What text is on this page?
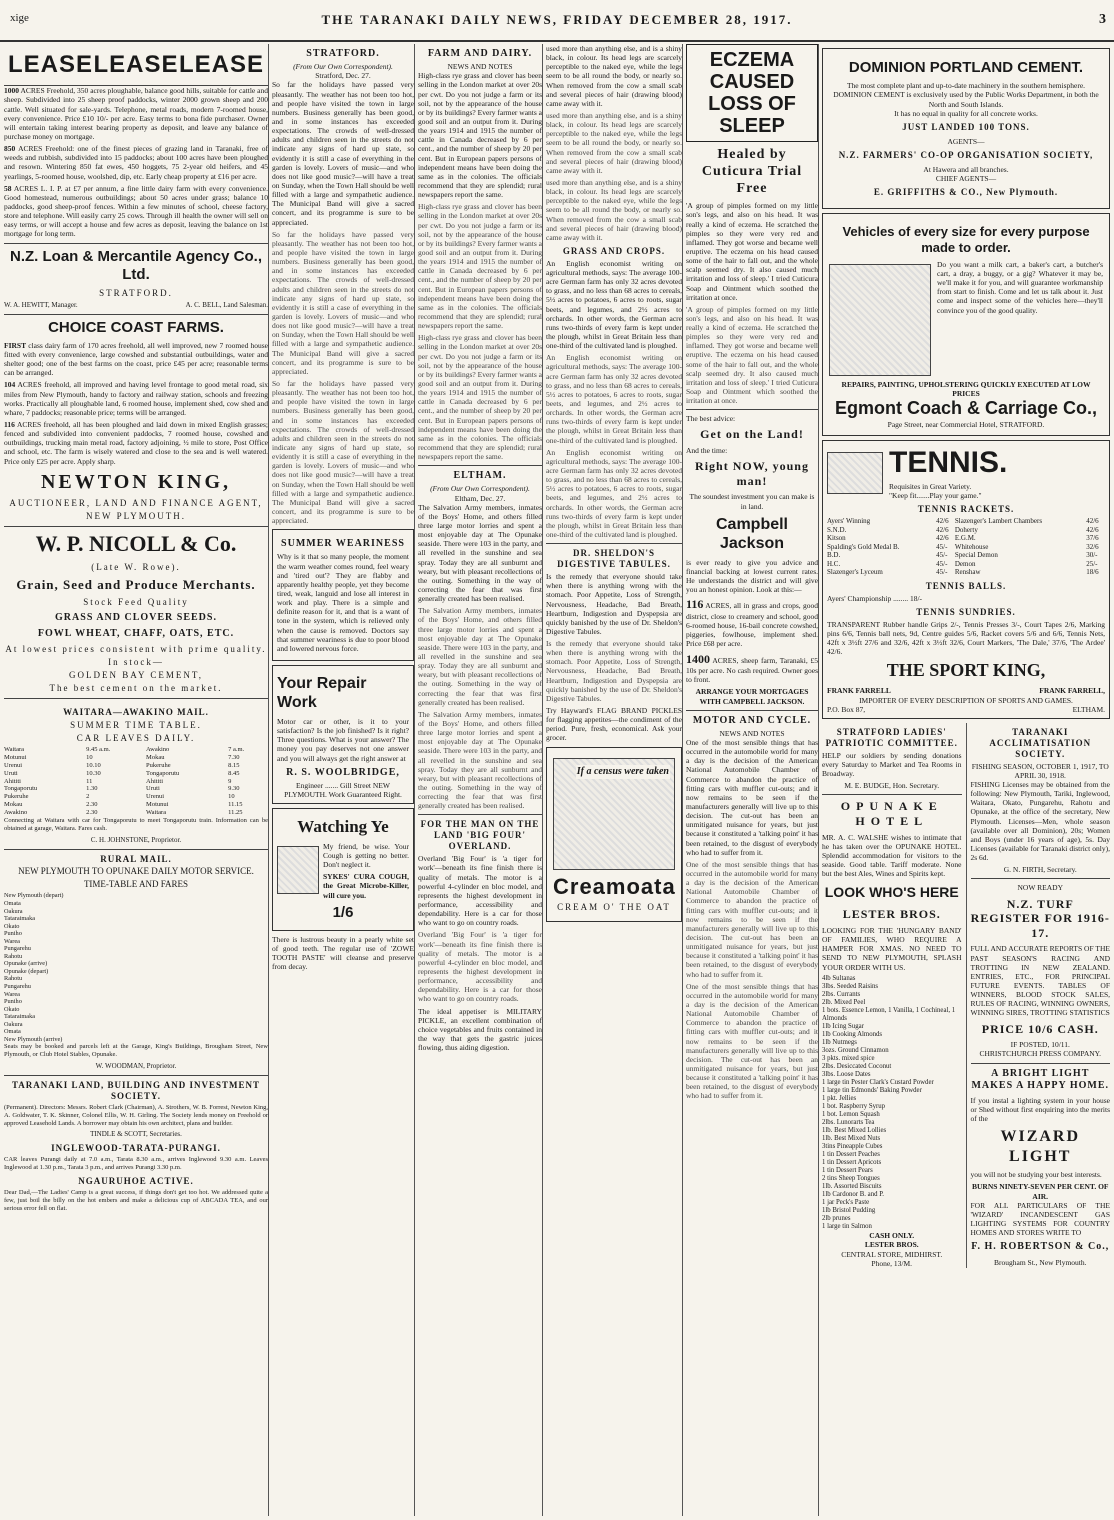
xige	THE TARANAKI DAILY NEWS, FRIDAY DECEMBER 28, 1917.	3
LEASE LEASE LEASE

1000 ACRES Freehold, 350 acres ploughable, balance good hills, suitable for cattle and sheep. Subdivided into 25 sheep proof paddocks, winter 2000 grown sheep and 200 cattle. Well situated for sale-yards. Telephone, metal roads, modern 7-roomed house, every convenience. Price £10 10/- per acre. Easy terms to bona fide purchaser. Owner will entertain taking interest bearing property as deposit, and leave any balance of purchase money on mortgage.

850 ACRES Freehold: one of the finest pieces of grazing land in Taranaki, free of weeds and rubbish, subdivided into 15 paddocks; about 100 acres have been ploughed and resown. Wintering 850 fat ewes, 450 hoggets, 75 2-year old heifers, and 45 yearlings, 5-roomed house, woolshed, dip, etc. Early cheap property at £16 per acre.

58 ACRES L. I. P. at £7 per annum, a fine little dairy farm with every convenience. Good homestead, numerous outbuildings; about 50 acres under grass; balance 10 paddocks, good sheep-proof fences. Within a few minutes of school, cheese factory, store and telephone. Will easily carry 25 cows. Through ill health the owner will sell on easy terms, or will accept a house and few acres as deposit, leaving the balance on 1st mortgage for long term.

N.Z. Loan & Mercantile Agency Co., Ltd.
STRATFORD.
W. A. HEWITT, Manager.	A. C. BELL, Land Salesman.
CHOICE COAST FARMS.

FIRST class dairy farm of 170 acres freehold, all well improved, new 7 roomed house fitted with every convenience, large cowshed and substantial outbuildings, water and shelter good; one of the best farms on the coast, price £45 per acre; reasonable terms can be arranged.

104 ACRES freehold, all improved and having level frontage to good metal road, six miles from New Plymouth, handy to factory and railway station, schools and freezing works. Practically all ploughable land, 6 roomed house, implement shed, cow shed and whare, 7 paddocks; reasonable price; terms will be arranged.

116 ACRES freehold, all has been ploughed and laid down in mixed English grasses; fenced and subdivided into convenient paddocks, 7 roomed house, cowshed and outbuildings, trucking main metal road, factory adjoining, ½ mile to store, Post Office and school, etc. The farm is wisely watered and close to the sea and is well watered. Price only £25 per acre. Apply sharp.

NEWTON KING,
AUCTIONEER, LAND AND FINANCE AGENT,
NEW PLYMOUTH.
W. P. NICOLL & Co.
(Late W. Rowe).
Grain, Seed and Produce Merchants.
Stock Feed Quality
GRASS AND CLOVER SEEDS.
FOWL WHEAT, CHAFF, OATS, ETC.
At lowest prices consistent with prime quality.
In stock—
GOLDEN BAY CEMENT,
The best cement on the market.
WAITARA—AWAKINO MAIL.
SUMMER TIME TABLE.
CAR LEAVES DAILY.
Waitara	9.45 a.m.	Awakino	7 a.m.
Motunui	10	Mokau	7.30
Urenui	10.10	Pukeruhe	8.15
Uruti	10.30	Tongaporutu	8.45
Ahititi	11	Ahititi	9
Tongaporutu	1.30	Uruti	9.30
Pukeruhe	2	Urenui	10
Mokau	2.30	Motunui	11.15
Awakino	2.30	Waitara	11.25

Connecting at Waitara with car for Tongaporutu to meet Tongaporutu train. Information can be obtained at garage, Waitara. Fares cash.

C. H. JOHNSTONE, Proprietor.
RURAL MAIL.
NEW PLYMOUTH TO OPUNAKE DAILY MOTOR SERVICE.
TIME-TABLE AND FARES
New Plymouth (depart)
Omata
Oakura
Tataraimaka
Okato
Puniho
Warea
Pungarehu
Rahotu
Opunake (arrive)
Opunake (depart)
Rahotu
Pungarehu
Warea
Puniho
Okato
Tataraimaka
Oakura
Omata
New Plymouth (arrive)

Seats may be booked and parcels left at the Garage, King's Buildings, Brougham Street, New Plymouth, or Club Hotel Stables, Opunake.

W. WOODMAN, Proprietor.
TARANAKI LAND, BUILDING AND INVESTMENT SOCIETY.

(Permanent). Directors: Messrs. Robert Clark (Chairman), A. Strothers, W. B. Forrest, Newton King, A. Goldwater, T. K. Skinner, Colonel Ellis, W. H. Girling. The Society lends money on Freehold or approved Leasehold Lands. A borrower may obtain his own architect, plans and builder.

TINDLE & SCOTT, Secretaries.
INGLEWOOD-TARATA-PURANGI.

CAR leaves Purangi daily at 7.0 a.m., Tarata 8.30 a.m., arrives Inglewood 9.30 a.m. Leaves Inglewood at 1.30 p.m., Tarata 3 p.m., and arrives Purangi 3.30 p.m.

NGAURUHOE ACTIVE.

Dear Dad,—The Ladies' Camp is a great success, if things don't get too hot. We addressed quite a few, just boil the billy on the hot embers and make a delicious cup of ABCADA TEA, and our serious error fell on flat.

STRATFORD.
(From Our Own Correspondent).
Stratford, Dec. 27.

So far the holidays have passed very pleasantly. The weather has not been too hot, and people have visited the town in large numbers. Business generally has been good, and in some instances has exceeded expectations. The crowds of well-dressed adults and children seen in the streets do not indicate any signs of hard up state, so evidently it is still a case of everything in the garden is lovely. Lovers of music—and who does not like good music?—will have a treat on Sunday, when the Town Hall should be well filled with a large and sympathetic audience. The Municipal Band will give a sacred concert, and its programme is sure to be appreciated.

So far the holidays have passed very pleasantly. The weather has not been too hot, and people have visited the town in large numbers. Business generally has been good, and in some instances has exceeded expectations. The crowds of well-dressed adults and children seen in the streets do not indicate any signs of hard up state, so evidently it is still a case of everything in the garden is lovely. Lovers of music—and who does not like good music?—will have a treat on Sunday, when the Town Hall should be well filled with a large and sympathetic audience. The Municipal Band will give a sacred concert, and its programme is sure to be appreciated.

So far the holidays have passed very pleasantly. The weather has not been too hot, and people have visited the town in large numbers. Business generally has been good, and in some instances has exceeded expectations. The crowds of well-dressed adults and children seen in the streets do not indicate any signs of hard up state, so evidently it is still a case of everything in the garden is lovely. Lovers of music—and who does not like good music?—will have a treat on Sunday, when the Town Hall should be well filled with a large and sympathetic audience. The Municipal Band will give a sacred concert, and its programme is sure to be appreciated.

SUMMER WEARINESS

Why is it that so many people, the moment the warm weather comes round, feel weary and 'tired out'? They are flabby and apparently healthy people, yet they become tired, weak, languid and lose all interest in work and play. There is a simple and definite reason for it, and that is a want of tone in the system, which is relieved only when the cause is removed. Doctors say that summer weariness is due to poor blood and lowered nervous force.

Your Repair Work

Motor car or other, is it to your satisfaction? Is the job finished? Is it right? Three questions. What is your answer? The money you pay deserves not one answer and you will always get the right answer at

R. S. WOOLBRIDGE,
Engineer ....... Gill Street NEW PLYMOUTH. Work Guaranteed Right.
Watching Ye

My friend, be wise. Your Cough is getting no better. Don't neglect it.

SYKES' CURA COUGH, the Great Microbe-Killer, will cure you.

1/6

There is lustrous beauty in a pearly white set of good teeth. The regular use of 'ZOWE TOOTH PASTE' will cleanse and preserve from decay.

FARM AND DAIRY.
NEWS AND NOTES

High-class rye grass and clover has been selling in the London market at over 20s per cwt. Do you not judge a farm or its soil, not by the appearance of the house or by its buildings? Every farmer wants a good soil and an output from it. During the years 1914 and 1915 the number of cattle in Canada decreased by 6 per cent., and the number of sheep by 20 per cent. But in European papers persons of independent means have been doing the same as in the colonies. The officials recommend that they are splendid; rural newspapers report the same.

High-class rye grass and clover has been selling in the London market at over 20s per cwt. Do you not judge a farm or its soil, not by the appearance of the house or by its buildings? Every farmer wants a good soil and an output from it. During the years 1914 and 1915 the number of cattle in Canada decreased by 6 per cent., and the number of sheep by 20 per cent. But in European papers persons of independent means have been doing the same as in the colonies. The officials recommend that they are splendid; rural newspapers report the same.

High-class rye grass and clover has been selling in the London market at over 20s per cwt. Do you not judge a farm or its soil, not by the appearance of the house or by its buildings? Every farmer wants a good soil and an output from it. During the years 1914 and 1915 the number of cattle in Canada decreased by 6 per cent., and the number of sheep by 20 per cent. But in European papers persons of independent means have been doing the same as in the colonies. The officials recommend that they are splendid; rural newspapers report the same.

ELTHAM.
(From Our Own Correspondent).
Eltham, Dec. 27.

The Salvation Army members, inmates of the Boys' Home, and others filled three large motor lorries and spent a most enjoyable day at The Opunake seaside. There were 103 in the party, and all revelled in the sunshine and sea spray. Today they are all sunburnt and weary, but with pleasant recollections of the outing. Something in the way of correcting the fear that was first generally created has been realised.

The Salvation Army members, inmates of the Boys' Home, and others filled three large motor lorries and spent a most enjoyable day at The Opunake seaside. There were 103 in the party, and all revelled in the sunshine and sea spray. Today they are all sunburnt and weary, but with pleasant recollections of the outing. Something in the way of correcting the fear that was first generally created has been realised.

The Salvation Army members, inmates of the Boys' Home, and others filled three large motor lorries and spent a most enjoyable day at The Opunake seaside. There were 103 in the party, and all revelled in the sunshine and sea spray. Today they are all sunburnt and weary, but with pleasant recollections of the outing. Something in the way of correcting the fear that was first generally created has been realised.

FOR THE MAN ON THE LAND 'BIG FOUR' OVERLAND.

Overland 'Big Four' is 'a tiger for work'—beneath its fine finish there is quality of metals. The motor is a powerful 4-cylinder en bloc model, and represents the highest development in performance, accessibility and dependability. Here is a car for those who want to go on country roads.

Overland 'Big Four' is 'a tiger for work'—beneath its fine finish there is quality of metals. The motor is a powerful 4-cylinder en bloc model, and represents the highest development in performance, accessibility and dependability. Here is a car for those who want to go on country roads.

The ideal appetiser is MILITARY PICKLE, an excellent combination of choice vegetables and fruits contained in the way that gets the gastric juices flowing, thus aiding digestion.

used more than anything else, and is a shiny black, in colour. Its head legs are scarcely perceptible to the naked eye, while the legs seem to be all round the body, or nearly so. When removed from the cow a small scab and several pieces of hair (drawing blood) came away with it.

used more than anything else, and is a shiny black, in colour. Its head legs are scarcely perceptible to the naked eye, while the legs seem to be all round the body, or nearly so. When removed from the cow a small scab and several pieces of hair (drawing blood) came away with it.

used more than anything else, and is a shiny black, in colour. Its head legs are scarcely perceptible to the naked eye, while the legs seem to be all round the body, or nearly so. When removed from the cow a small scab and several pieces of hair (drawing blood) came away with it.

GRASS AND CROPS.

An English economist writing on agricultural methods, says: The average 100-acre German farm has only 32 acres devoted to grass, and no less than 68 acres to cereals, 5½ acres to potatoes, 6 acres to roots, sugar beets, and legumes, and 2½ acres to orchards. In other words, the German acre runs two-thirds of every farm is kept under the plough, whilst in Great Britain less than one-third of the cultivated land is ploughed.

An English economist writing on agricultural methods, says: The average 100-acre German farm has only 32 acres devoted to grass, and no less than 68 acres to cereals, 5½ acres to potatoes, 6 acres to roots, sugar beets, and legumes, and 2½ acres to orchards. In other words, the German acre runs two-thirds of every farm is kept under the plough, whilst in Great Britain less than one-third of the cultivated land is ploughed.

An English economist writing on agricultural methods, says: The average 100-acre German farm has only 32 acres devoted to grass, and no less than 68 acres to cereals, 5½ acres to potatoes, 6 acres to roots, sugar beets, and legumes, and 2½ acres to orchards. In other words, the German acre runs two-thirds of every farm is kept under the plough, whilst in Great Britain less than one-third of the cultivated land is ploughed.

DR. SHELDON'S DIGESTIVE TABULES.

Is the remedy that everyone should take when there is anything wrong with the stomach. Poor Appetite, Loss of Strength, Nervousness, Headache, Bad Breath, Heartburn, Indigestion and Dyspepsia are quickly banished by the use of Dr. Sheldon's Digestive Tabules.

Is the remedy that everyone should take when there is anything wrong with the stomach. Poor Appetite, Loss of Strength, Nervousness, Headache, Bad Breath, Heartburn, Indigestion and Dyspepsia are quickly banished by the use of Dr. Sheldon's Digestive Tabules.

Try Hayward's FLAG BRAND PICKLES for flagging appetites—the condiment of the period. Pure, fresh, economical. Ask your grocer.

If a census were taken
Creamoata
CREAM O' THE OAT
ECZEMA CAUSED LOSS OF SLEEP
Healed by Cuticura Trial Free

'A group of pimples formed on my little son's legs, and also on his head. It was really a kind of eczema. He scratched the pimples so they were very red and inflamed. They got worse and became well eruptive. The eczema on his head caused some of the hair to fall out, and the whole scalp seemed dry. It also caused much irritation and loss of sleep.' I tried Cuticura Soap and Ointment which soothed the irritation at once.

'A group of pimples formed on my little son's legs, and also on his head. It was really a kind of eczema. He scratched the pimples so they were very red and inflamed. They got worse and became well eruptive. The eczema on his head caused some of the hair to fall out, and the whole scalp seemed dry. It also caused much irritation and loss of sleep.' I tried Cuticura Soap and Ointment which soothed the irritation at once.

The best advice:
Get on the Land!
And the time:
Right NOW, young man!
The soundest investment you can make is in land.
Campbell Jackson

is ever ready to give you advice and financial backing at lowest current rates. He understands the district and will give you an honest opinion. Look at this:—

116 ACRES, all in grass and crops, good district, close to creamery and school, good 6-roomed house, 16-bail concrete cowshed, piggeries, fowlhouse, implement shed. Price £68 per acre.

1400 ACRES, sheep farm, Taranaki, £5 10s per acre. No cash required. Owner goes to front.

ARRANGE YOUR MORTGAGES WITH CAMPBELL JACKSON.
MOTOR AND CYCLE.
NEWS AND NOTES

One of the most sensible things that has occurred in the automobile world for many a day is the decision of the American National Automobile Chamber of Commerce to abandon the practice of fitting cars with muffler cut-outs; and it now remains to be seen if the manufacturers generally will live up to this decision. The cut-out has been an unmitigated nuisance for years, but just because it constituted a 'talking point' it has been retained, to the disgust of everybody who had to suffer from it.

One of the most sensible things that has occurred in the automobile world for many a day is the decision of the American National Automobile Chamber of Commerce to abandon the practice of fitting cars with muffler cut-outs; and it now remains to be seen if the manufacturers generally will live up to this decision. The cut-out has been an unmitigated nuisance for years, but just because it constituted a 'talking point' it has been retained, to the disgust of everybody who had to suffer from it.

One of the most sensible things that has occurred in the automobile world for many a day is the decision of the American National Automobile Chamber of Commerce to abandon the practice of fitting cars with muffler cut-outs; and it now remains to be seen if the manufacturers generally will live up to this decision. The cut-out has been an unmitigated nuisance for years, but just because it constituted a 'talking point' it has been retained, to the disgust of everybody who had to suffer from it.

DOMINION PORTLAND CEMENT.
The most complete plant and up-to-date machinery in the southern hemisphere.
DOMINION CEMENT is exclusively used by the Public Works Department, in both the North and South Islands.
It has no equal in quality for all concrete works.
JUST LANDED 100 TONS.
AGENTS—
N.Z. FARMERS' CO-OP ORGANISATION SOCIETY,
At Hawera and all branches.
CHIEF AGENTS—
E. GRIFFITHS & CO., New Plymouth.
Vehicles of every size for every purpose made to order.

Do you want a milk cart, a baker's cart, a butcher's cart, a dray, a buggy, or a gig? Whatever it may be, we'll make it for you, and will guarantee workmanship from start to finish. Come and let us talk about it. Just come and inspect some of the vehicles here—they'll convince you of the good quality.

REPAIRS, PAINTING, UPHOLSTERING QUICKLY EXECUTED AT LOW PRICES
Egmont Coach & Carriage Co.,
Page Street, near Commercial Hotel, STRATFORD.
TENNIS.
Requisites in Great Variety.
"Keep fit.......Play your game."
TENNIS RACKETS.
Ayers' Winning	42/6	Slazenger's Lambert Chambers	42/6
S.N.D.	42/6	Doherty	42/6
Kitson	42/6	E.G.M.	37/6
Spalding's Gold Medal B.	45/-	Whitehouse	32/6
B.D.	45/-	Special Demon	30/-
H.C.	45/-	Demon	25/-
Slazenger's Lyceum	45/-	Renshaw	18/6
TENNIS BALLS.
Ayers' Championship ........ 18/-
TENNIS SUNDRIES.

TRANSPARENT Rubber handle Grips 2/-, Tennis Presses 3/-, Court Tapes 2/6, Marking pins 6/6, Tennis ball nets, 9d, Centre guides 5/6, Racket covers 5/6 and 6/6, Tennis Nets, 42ft x 3½ft 27/6 and 32/6, 42ft x 3½ft 32/6, Court Markers, 'The Dale,' 37/6, 'The Ardee' 42/6.

THE SPORT KING,
FRANK FARRELL	FRANK FARRELL,
IMPORTER OF EVERY DESCRIPTION OF SPORTS AND GAMES.
P.O. Box 87,	ELTHAM.
STRATFORD LADIES' PATRIOTIC COMMITTEE.

HELP our soldiers by sending donations every Saturday to Market and Tea Rooms in Broadway.

M. E. BUDGE, Hon. Secretary.
OPUNAKE HOTEL

MR. A. C. WALSHE wishes to intimate that he has taken over the OPUNAKE HOTEL. Splendid accommodation for visitors to the seaside. Good table. Tariff moderate. None but the best Ales, Wines and Spirits kept.

LOOK WHO'S HERE
LESTER BROS.

LOOKING FOR THE 'HUNGARY BAND' OF FAMILIES, WHO REQUIRE A HAMPER FOR XMAS. NO NEED TO SEND TO NEW PLYMOUTH, SPLASH YOUR ORDER WITH US.

4lb Sultanas
3lbs. Seeded Raisins
2lbs. Currants
2lb. Mixed Peel
1 bots. Essence Lemon, 1 Vanilla, 1 Cochineal, 1 Almonds
1lb Icing Sugar
1lb Cooking Almonds
1lb Nutmegs
3ozs. Ground Cinnamon
3 pkts. mixed spice
2lbs. Desiccated Coconut
3lbs. Loose Dates
1 large tin Pester Clark's Custard Powder
1 large tin Edmonds' Baking Powder
1 pkt. Jellies
1 bot. Raspberry Syrup
1 bot. Lemon Squash
2lbs. Lunorarts Tea
1lb. Best Mixed Lollies
1lb. Best Mixed Nuts
3tins Pineapple Cubes
1 tin Dessert Peaches
1 tin Dessert Apricots
1 tin Dessert Pears
2 tins Sheep Tongues
1lb. Assorted Biscuits
1lb Cardonor B. and P.
1 jar Peck's Paste
1lb Bristol Pudding
2lb prunes
1 large tin Salmon
CASH ONLY.
LESTER BROS.
CENTRAL STORE, MIDHIRST.
Phone, 13/M.
TARANAKI ACCLIMATISATION SOCIETY.
FISHING SEASON, OCTOBER 1, 1917, TO APRIL 30, 1918.

FISHING Licenses may be obtained from the following: New Plymouth, Tariki, Inglewood, Waitara, Okato, Pungarehu, Rahotu and Opunake, at the office of the secretary, New Plymouth. Licenses—Men, whole season (available over all Dominion), 20s; Women and Boys (under 16 years of age), 5s. Day Licenses (available for Taranaki district only), 2s 6d.

G. N. FIRTH, Secretary.
NOW READY
N.Z. TURF REGISTER FOR 1916-17.

FULL AND ACCURATE REPORTS OF THE PAST SEASON'S RACING AND TROTTING IN NEW ZEALAND. ENTRIES, ETC., FOR PRINCIPAL FUTURE EVENTS. TABLES OF WINNERS, BLOOD STOCK SALES, RULES OF RACING, WINNING OWNERS, WINNING SIRES, TROTTING STATISTICS

PRICE 10/6 CASH.
IF POSTED, 10/11.
CHRISTCHURCH PRESS COMPANY.
A BRIGHT LIGHT MAKES A HAPPY HOME.

If you instal a lighting system in your house or Shed without first enquiring into the merits of the

WIZARD LIGHT

you will not be studying your best interests.

BURNS NINETY-SEVEN PER CENT. OF AIR.

FOR ALL PARTICULARS OF THE 'WIZARD' INCANDESCENT GAS LIGHTING SYSTEMS FOR COUNTRY HOMES AND STORES WRITE TO

F. H. ROBERTSON & Co.,
Brougham St., New Plymouth.
